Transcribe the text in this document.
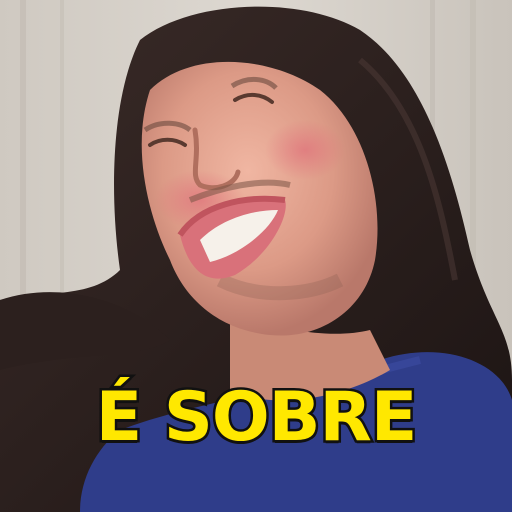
É SOBRE
